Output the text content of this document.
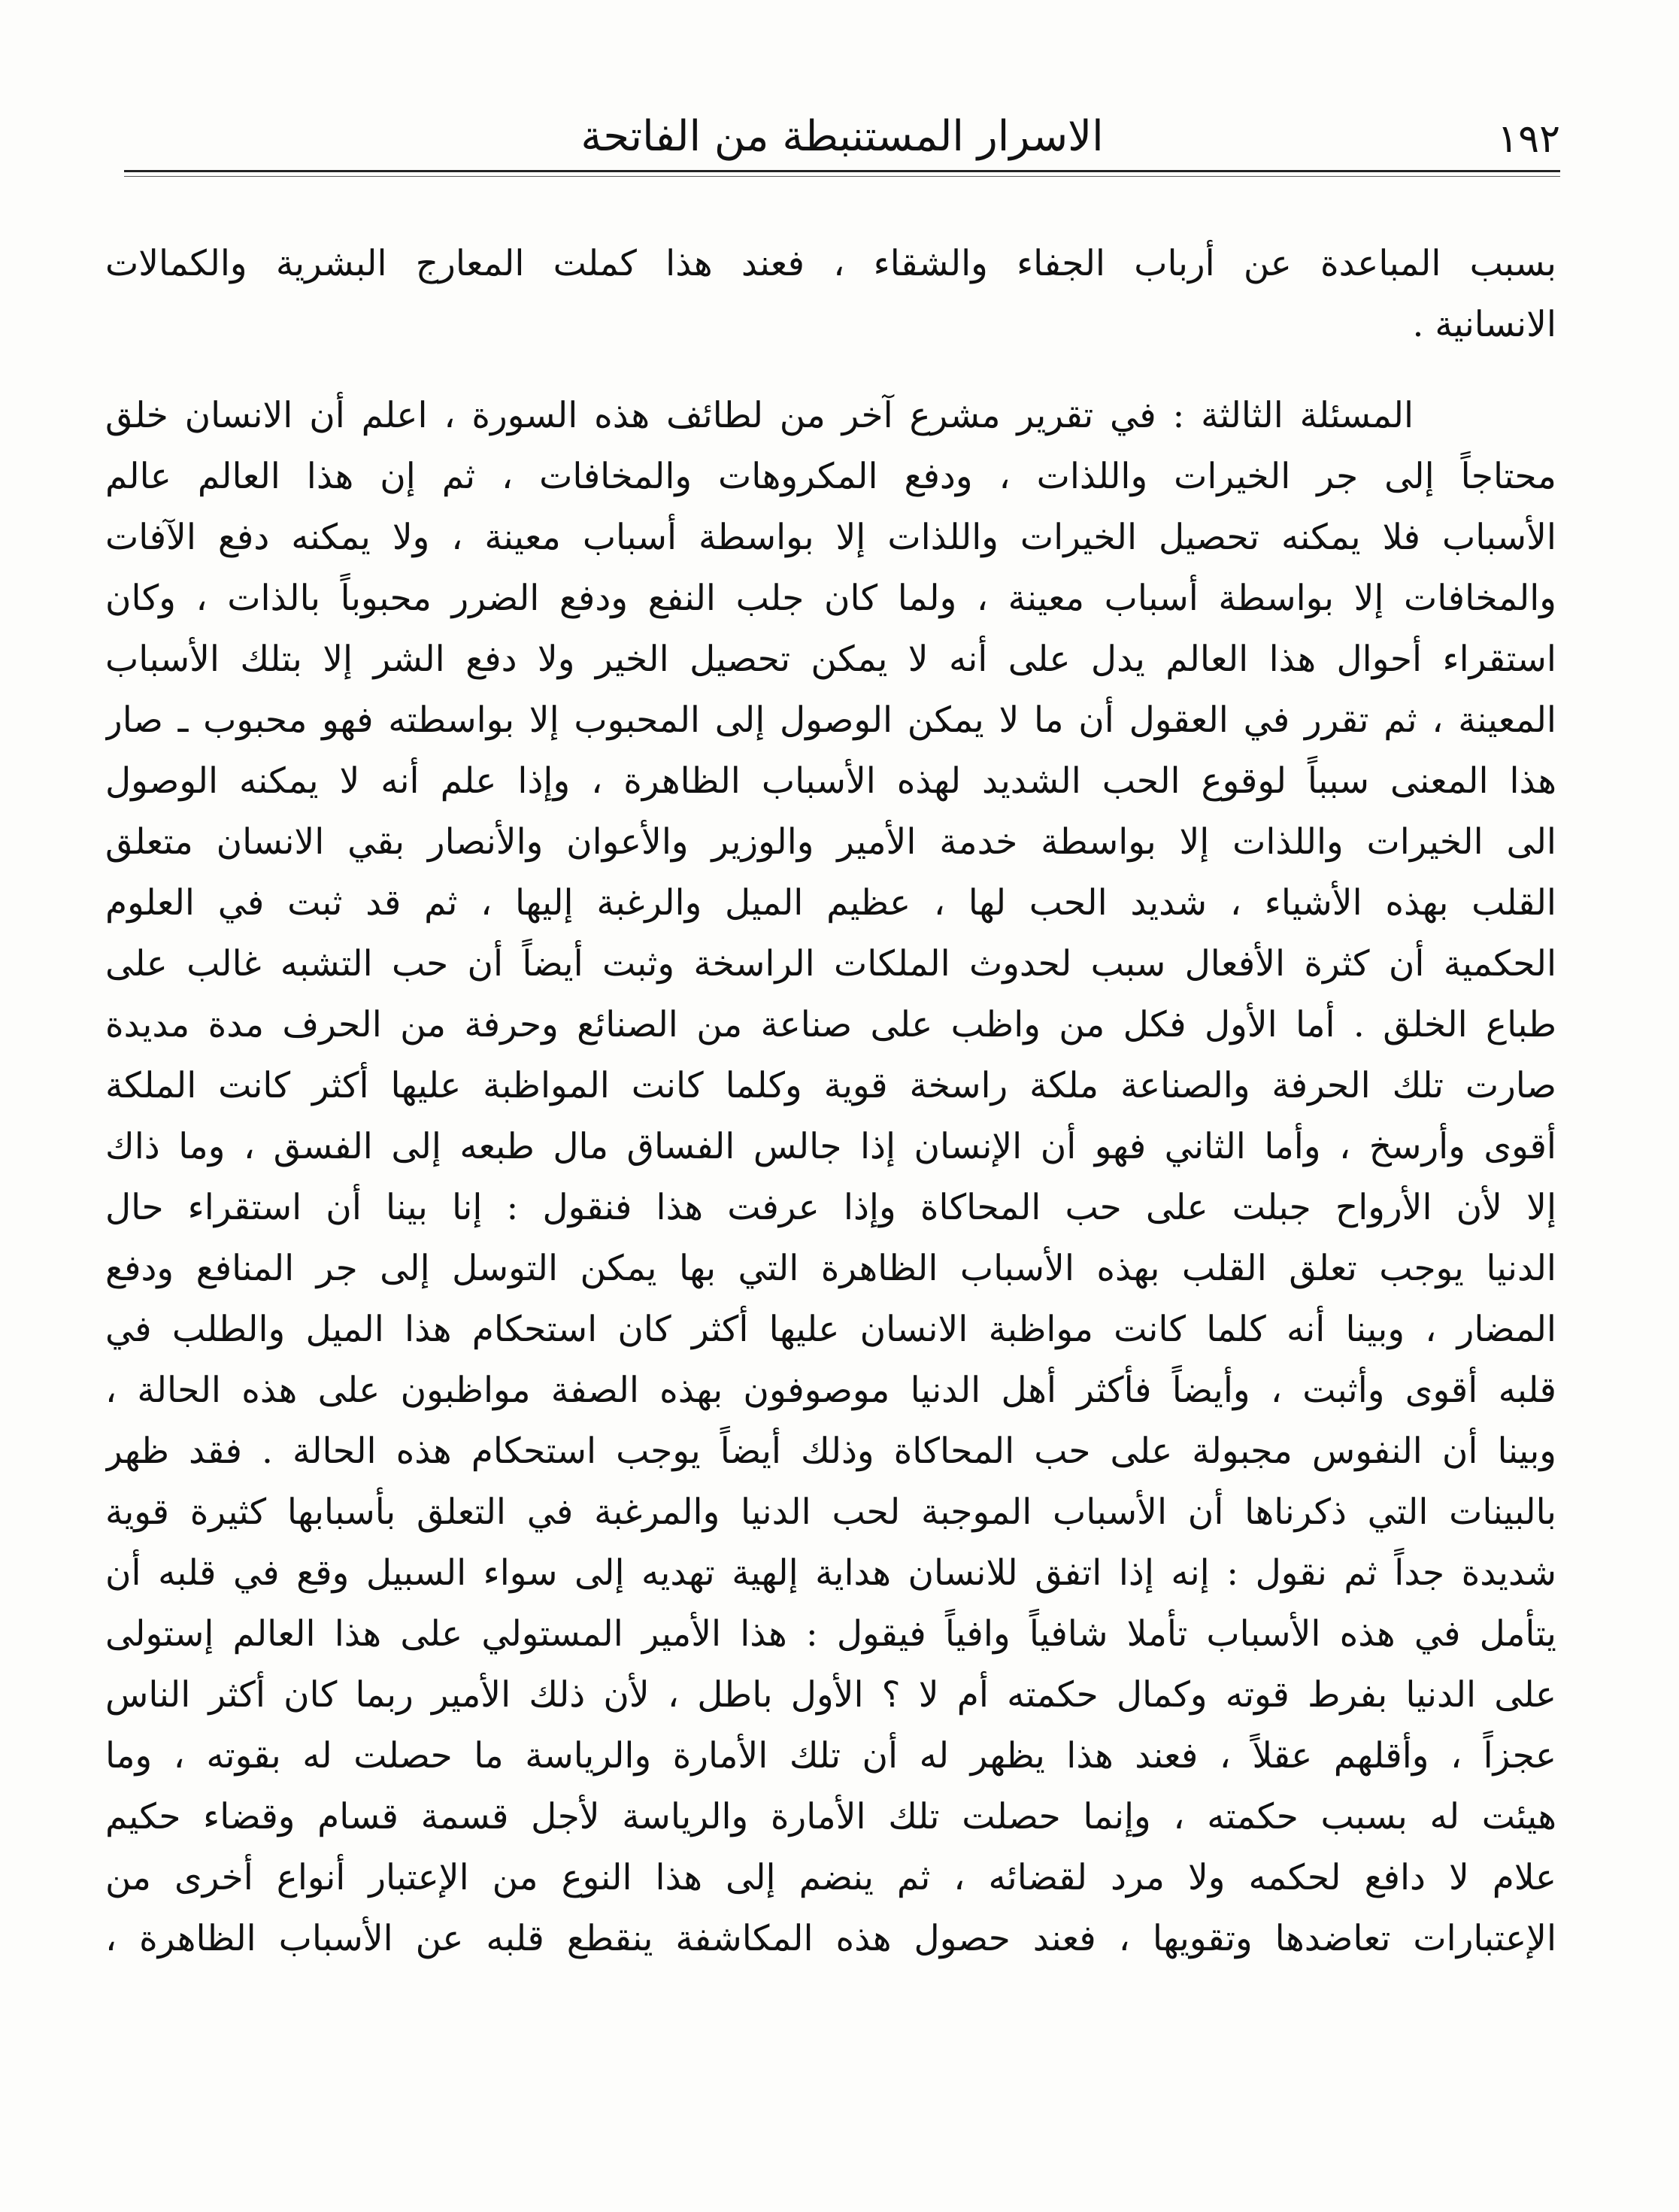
١٩٢
الاسرار المستنبطة من الفاتحة
بسبب المباعدة عن أرباب الجفاء والشقاء ، فعند هذا كملت المعارج البشرية والكمالات
الانسانية .
المسئلة الثالثة : في تقرير مشرع آخر من لطائف هذه السورة ، اعلم أن الانسان خلق
محتاجاً إلى جر الخيرات واللذات ، ودفع المكروهات والمخافات ، ثم إن هذا العالم عالم
الأسباب فلا يمكنه تحصيل الخيرات واللذات إلا بواسطة أسباب معينة ، ولا يمكنه دفع الآفات
والمخافات إلا بواسطة أسباب معينة ، ولما كان جلب النفع ودفع الضرر محبوباً بالذات ، وكان
استقراء أحوال هذا العالم يدل على أنه لا يمكن تحصيل الخير ولا دفع الشر إلا بتلك الأسباب
المعينة ، ثم تقرر في العقول أن ما لا يمكن الوصول إلى المحبوب إلا بواسطته فهو محبوب ـ صار
هذا المعنى سبباً لوقوع الحب الشديد لهذه الأسباب الظاهرة ، وإذا علم أنه لا يمكنه الوصول
الى الخيرات واللذات إلا بواسطة خدمة الأمير والوزير والأعوان والأنصار بقي الانسان متعلق
القلب بهذه الأشياء ، شديد الحب لها ، عظيم الميل والرغبة إليها ، ثم قد ثبت في العلوم
الحكمية أن كثرة الأفعال سبب لحدوث الملكات الراسخة وثبت أيضاً أن حب التشبه غالب على
طباع الخلق . أما الأول فكل من واظب على صناعة من الصنائع وحرفة من الحرف مدة مديدة
صارت تلك الحرفة والصناعة ملكة راسخة قوية وكلما كانت المواظبة عليها أكثر كانت الملكة
أقوى وأرسخ ، وأما الثاني فهو أن الإنسان إذا جالس الفساق مال طبعه إلى الفسق ، وما ذاك
إلا لأن الأرواح جبلت على حب المحاكاة وإذا عرفت هذا فنقول : إنا بينا أن استقراء حال
الدنيا يوجب تعلق القلب بهذه الأسباب الظاهرة التي بها يمكن التوسل إلى جر المنافع ودفع
المضار ، وبينا أنه كلما كانت مواظبة الانسان عليها أكثر كان استحكام هذا الميل والطلب في
قلبه أقوى وأثبت ، وأيضاً فأكثر أهل الدنيا موصوفون بهذه الصفة مواظبون على هذه الحالة ،
وبينا أن النفوس مجبولة على حب المحاكاة وذلك أيضاً يوجب استحكام هذه الحالة . فقد ظهر
بالبينات التي ذكرناها أن الأسباب الموجبة لحب الدنيا والمرغبة في التعلق بأسبابها كثيرة قوية
شديدة جداً ثم نقول : إنه إذا اتفق للانسان هداية إلهية تهديه إلى سواء السبيل وقع في قلبه أن
يتأمل في هذه الأسباب تأملا شافياً وافياً فيقول : هذا الأمير المستولي على هذا العالم إستولى
على الدنيا بفرط قوته وكمال حكمته أم لا ؟ الأول باطل ، لأن ذلك الأمير ربما كان أكثر الناس
عجزاً ، وأقلهم عقلاً ، فعند هذا يظهر له أن تلك الأمارة والرياسة ما حصلت له بقوته ، وما
هيئت له بسبب حكمته ، وإنما حصلت تلك الأمارة والرياسة لأجل قسمة قسام وقضاء حكيم
علام لا دافع لحكمه ولا مرد لقضائه ، ثم ينضم إلى هذا النوع من الإعتبار أنواع أخرى من
الإعتبارات تعاضدها وتقويها ، فعند حصول هذه المكاشفة ينقطع قلبه عن الأسباب الظاهرة ،
